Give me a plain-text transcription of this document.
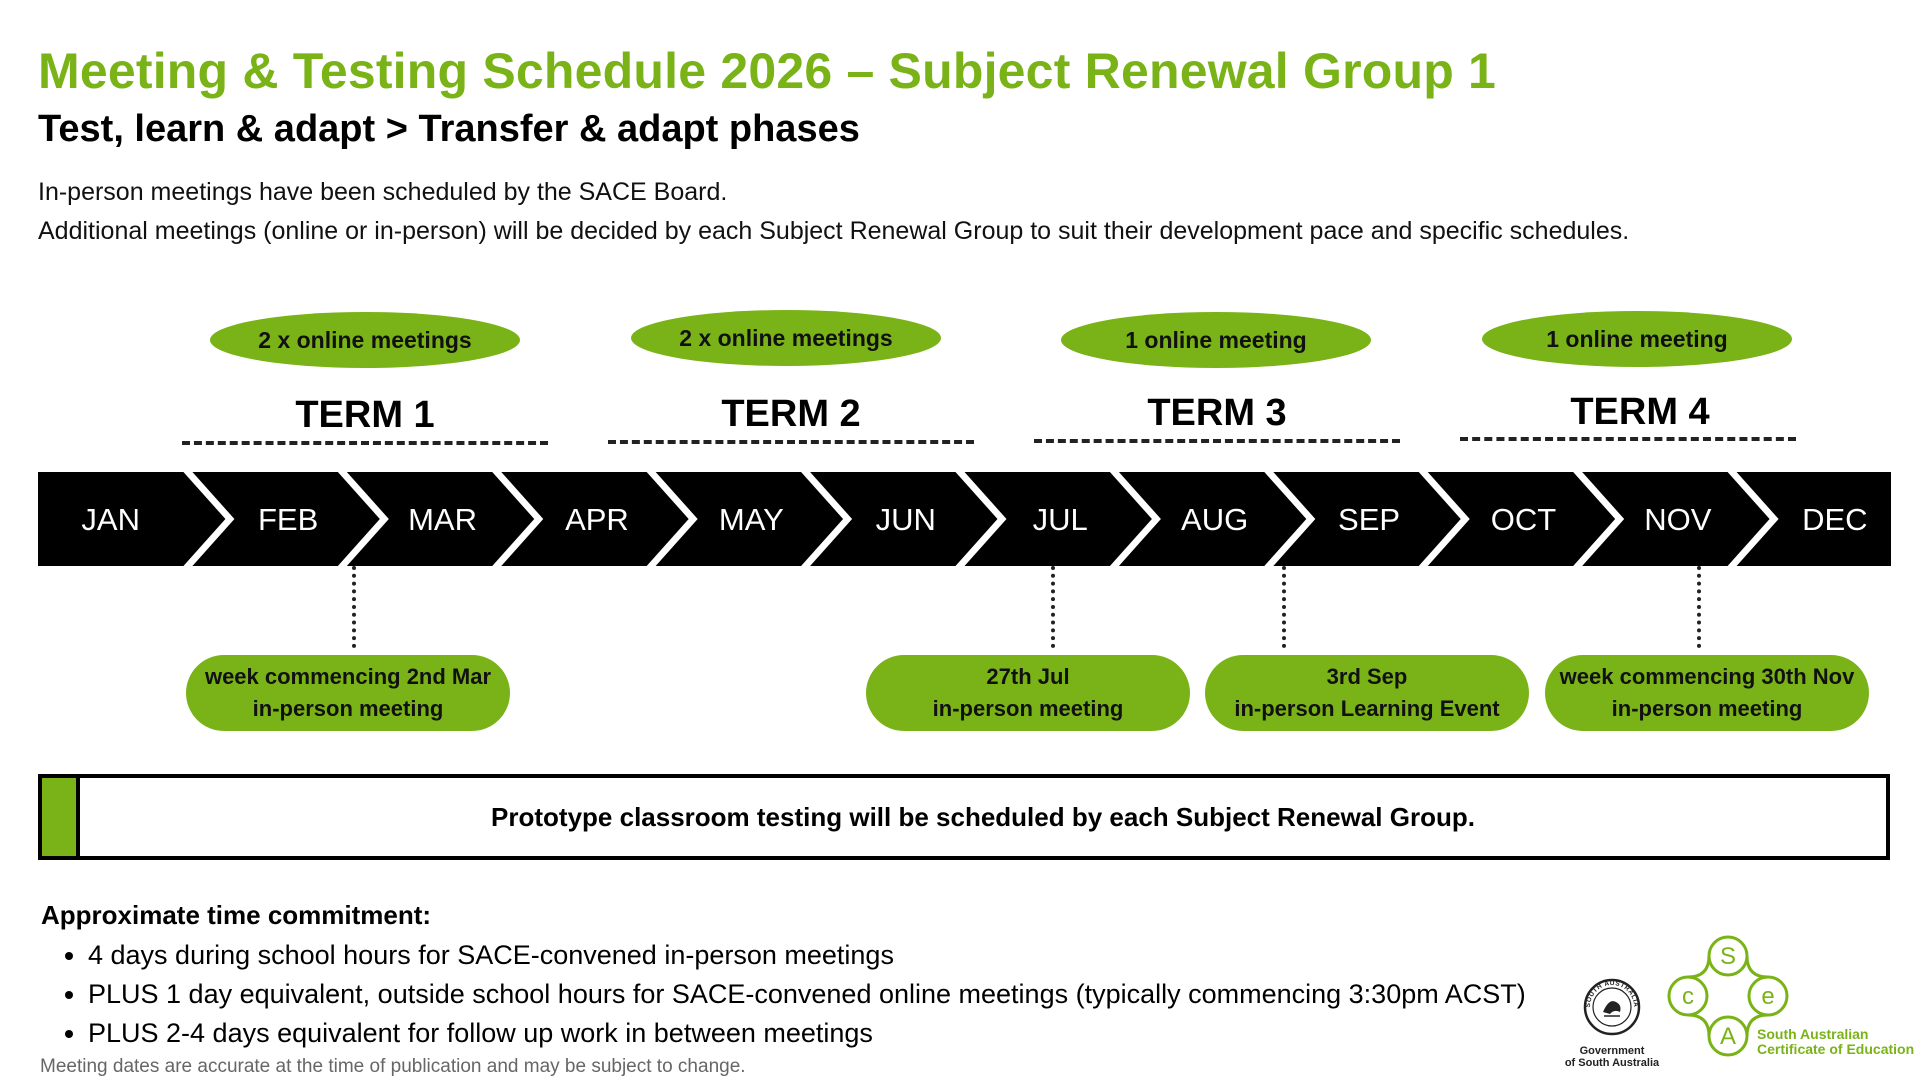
Meeting & Testing Schedule 2026 – Subject Renewal Group 1
Test, learn & adapt > Transfer & adapt phases
In-person meetings have been scheduled by the SACE Board.
Additional meetings (online or in-person) will be decided by each Subject Renewal Group to suit their development pace and specific schedules.
2 x online meetings	2 x online meetings	1 online meeting	1 online meeting
TERM 1	TERM 2	TERM 3	TERM 4
JAN	FEB	MAR	APR	MAY	JUN	JUL	AUG	SEP	OCT	NOV	DEC
week commencing 2nd Mar
in-person meeting
27th Jul
in-person meeting
3rd Sep
in-person Learning Event
week commencing 30th Nov
in-person meeting
Prototype classroom testing will be scheduled by each Subject Renewal Group.
Approximate time commitment:
• 4 days during school hours for SACE-convened in-person meetings
• PLUS 1 day equivalent, outside school hours for SACE-convened online meetings (typically commencing 3:30pm ACST)
• PLUS 2-4 days equivalent for follow up work in between meetings
Meeting dates are accurate at the time of publication and may be subject to change.
SOUTH AUSTRALIA
Government
of South Australia
S
c	e
A South Australian
Certificate of Education
